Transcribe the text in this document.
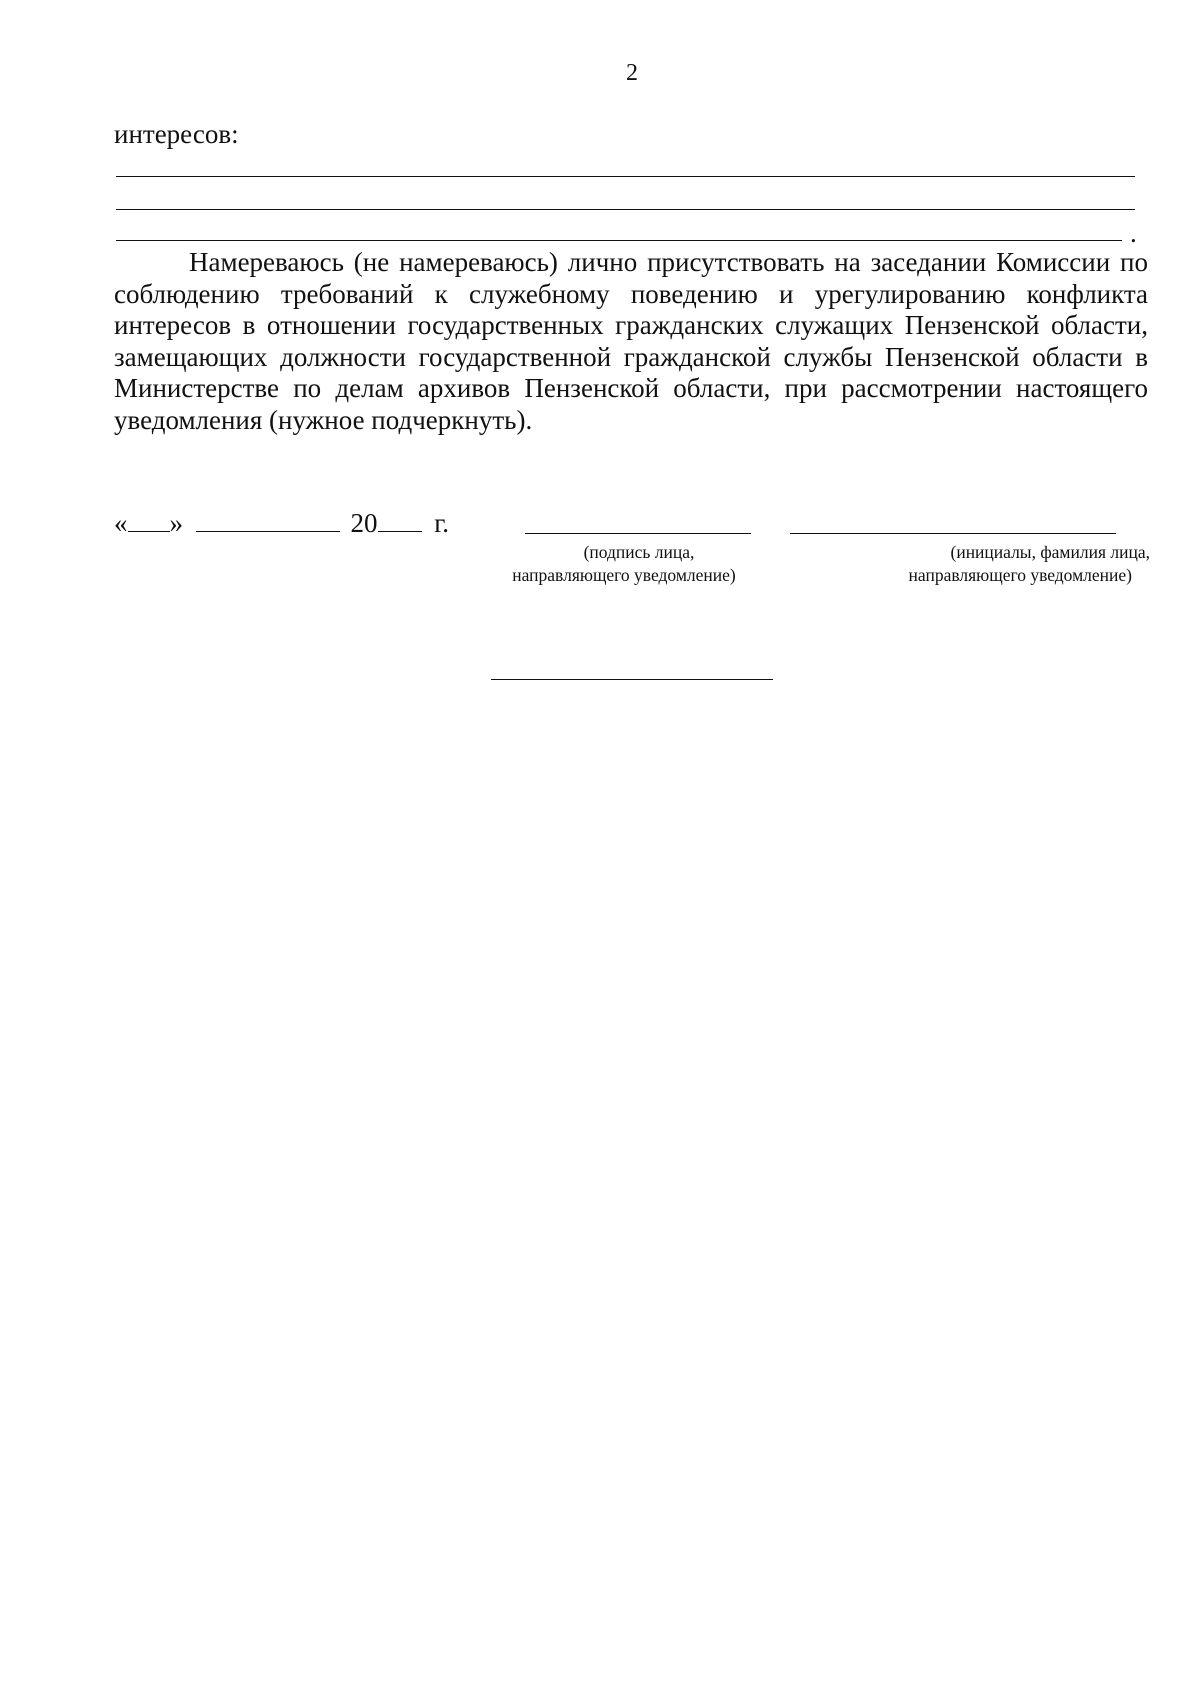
2
интересов:
.

Намереваюсь (не намереваюсь) лично присутствовать на заседании Комиссии по соблюдению требований к служебному поведению и урегулированию конфликта интересов в отношении государственных гражданских служащих Пензенской области, замещающих должности государственной гражданской службы Пензенской области в Министерстве по делам архивов Пензенской области, при рассмотрении настоящего уведомления (нужное подчеркнуть).

« »	20 г.
(подпись лица,
направляющего уведомление)
(инициалы, фамилия лица,
направляющего уведомление)
